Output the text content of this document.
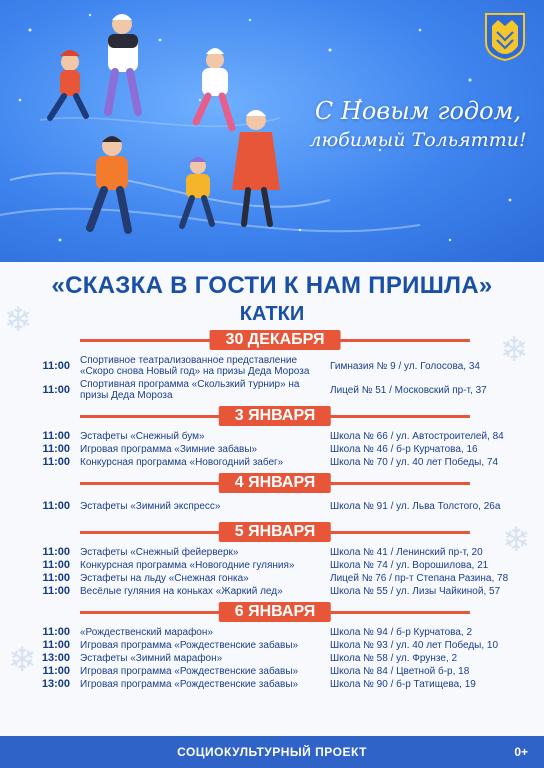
С Новым годом,
любимый Тольятти!
❄
❄
❄
❄
«СКАЗКА В ГОСТИ К НАМ ПРИШЛА»
КАТКИ
30 ДЕКАБРЯ
11:00 Спортивное театрализованное представление «Скоро снова Новый год» на призы Деда Мороза	Гимназия № 9 / ул. Голосова, 34
11:00 Спортивная программа «Скользкий турнир» на призы Деда Мороза	Лицей № 51 / Московский пр-т, 37
3 ЯНВАРЯ
11:00 Эстафеты «Снежный бум»	Школа № 66 / ул. Автостроителей, 84
11:00 Игровая программа «Зимние забавы»	Школа № 46 / б-р Курчатова, 16
11:00 Конкурсная программа «Новогодний забег»	Школа № 70 / ул. 40 лет Победы, 74
4 ЯНВАРЯ
11:00 Эстафеты «Зимний экспресс»	Школа № 91 / ул. Льва Толстого, 26а
5 ЯНВАРЯ
11:00 Эстафеты «Снежный фейерверк»	Школа № 41 / Ленинский пр-т, 20
11:00 Конкурсная программа «Новогодние гуляния»	Школа № 74 / ул. Ворошилова, 21
11:00 Эстафеты на льду «Снежная гонка»	Лицей № 76 / пр-т Степана Разина, 78
11:00 Весёлые гуляния на коньках «Жаркий лед»	Школа № 55 / ул. Лизы Чайкиной, 57
6 ЯНВАРЯ
11:00 «Рождественский марафон»	Школа № 94 / б-р Курчатова, 2
11:00 Игровая программа «Рождественские забавы»	Школа № 93 / ул. 40 лет Победы, 10
13:00 Эстафеты «Зимний марафон»	Школа № 58 / ул. Фрунзе, 2
11:00 Игровая программа «Рождественские забавы»	Школа № 84 / Цветной б-р, 18
13:00 Игровая программа «Рождественские забавы»	Школа № 90 / б-р Татищева, 19
СОЦИОКУЛЬТУРНЫЙ ПРОЕКТ	0+
